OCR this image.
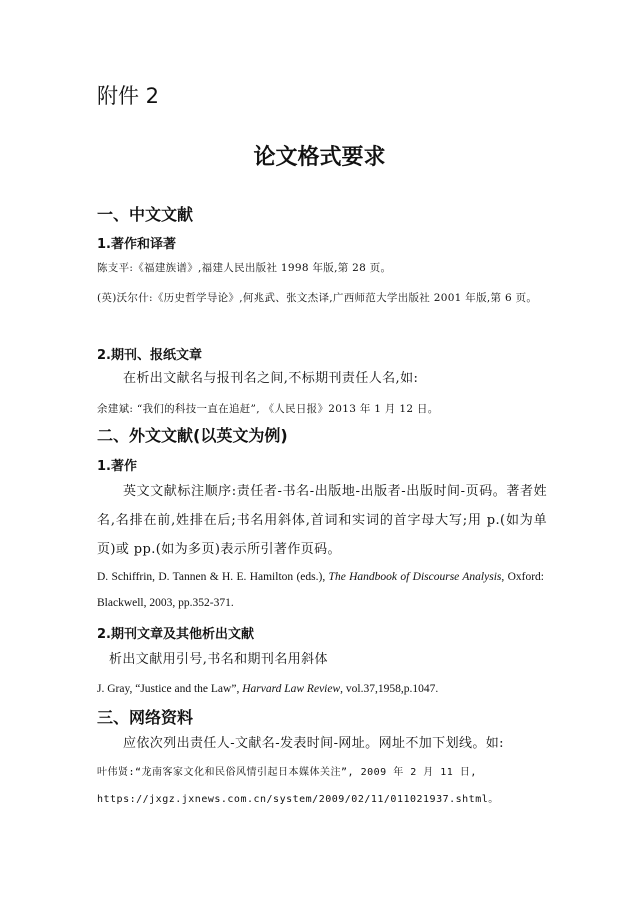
附件 2
论文格式要求
一、中文文献
1.著作和译著

陈支平:《福建族谱》,福建人民出版社 1998 年版,第 28 页。

(英)沃尔什:《历史哲学导论》,何兆武、张文杰译,广西师范大学出版社 2001 年版,第 6 页。

2.期刊、报纸文章

在析出文献名与报刊名之间,不标期刊责任人名,如:

余建斌: “我们的科技一直在追赶”, 《人民日报》2013 年 1 月 12 日。

二、外文文献(以英文为例)
1.著作

英文文献标注顺序:责任者-书名-出版地-出版者-出版时间-页码。著者姓名,名排在前,姓排在后;书名用斜体,首词和实词的首字母大写;用 p.(如为单页)或 pp.(如为多页)表示所引著作页码。

D. Schiffrin, D. Tannen & H. E. Hamilton (eds.), The Handbook of Discourse Analysis, Oxford: Blackwell, 2003, pp.352-371.

2.期刊文章及其他析出文献

析出文献用引号,书名和期刊名用斜体

J. Gray, “Justice and the Law”, Harvard Law Review, vol.37,1958,p.1047.

三、网络资料

应依次列出责任人-文献名-发表时间-网址。网址不加下划线。如:

叶伟贤:“龙南客家文化和民俗风情引起日本媒体关注”, 2009 年 2 月 11 日,

https://jxgz.jxnews.com.cn/system/2009/02/11/011021937.shtml。
